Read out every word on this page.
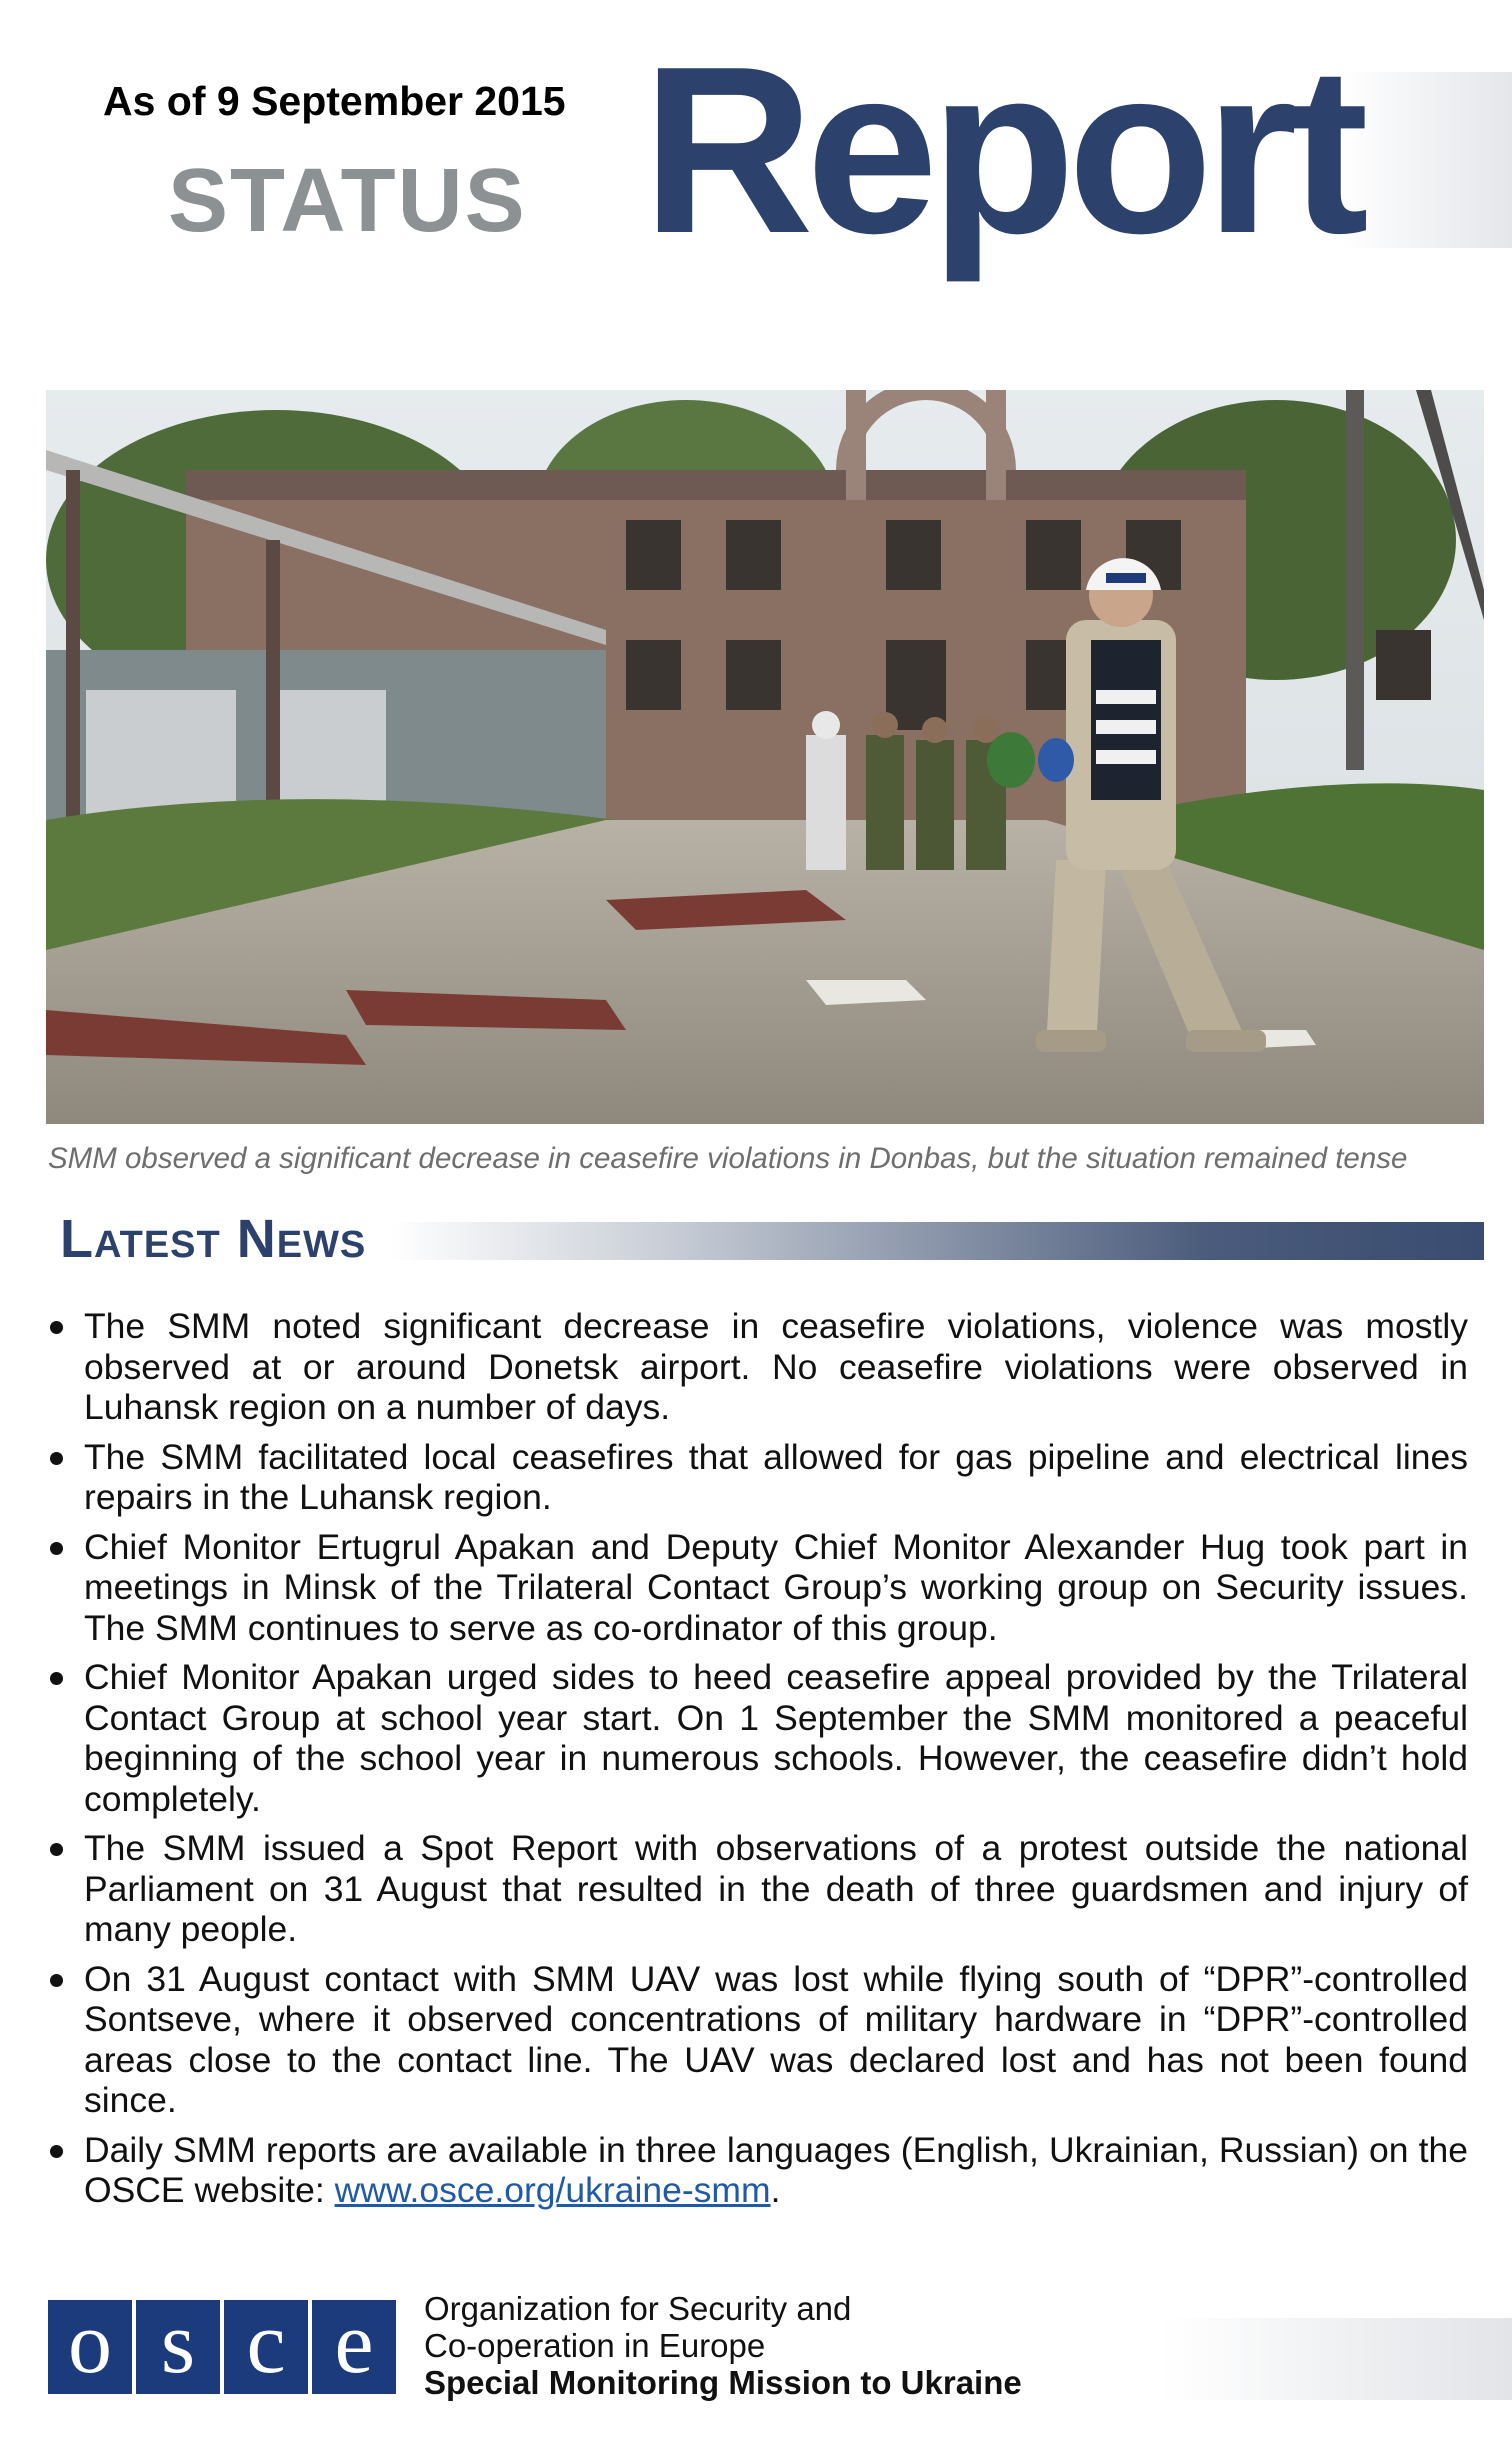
As of 9 September 2015
STATUS Report
SMM observed a significant decrease in ceasefire violations in Donbas, but the situation remained tense
Latest News
The SMM noted significant decrease in ceasefire violations, violence was mostly observed at or around Donetsk airport. No ceasefire violations were observed in Luhansk region on a number of days.
The SMM facilitated local ceasefires that allowed for gas pipeline and electrical lines repairs in the Luhansk region.
Chief Monitor Ertugrul Apakan and Deputy Chief Monitor Alexander Hug took part in meetings in Minsk of the Trilateral Contact Group’s working group on Security issues. The SMM continues to serve as co-ordinator of this group.
Chief Monitor Apakan urged sides to heed ceasefire appeal provided by the Trilateral Contact Group at school year start. On 1 September the SMM monitored a peaceful beginning of the school year in numerous schools. However, the ceasefire didn’t hold completely.
The SMM issued a Spot Report with observations of a protest outside the national Parliament on 31 August that resulted in the death of three guardsmen and injury of many people.
On 31 August contact with SMM UAV was lost while flying south of “DPR”-controlled Sontseve, where it observed concentrations of military hardware in “DPR”-controlled areas close to the contact line. The UAV was declared lost and has not been found since.
Daily SMM reports are available in three languages (English, Ukrainian, Russian) on the OSCE website: www.osce.org/ukraine-smm.
o s c e	Organization for Security and
Co-operation in Europe
Special Monitoring Mission to Ukraine
